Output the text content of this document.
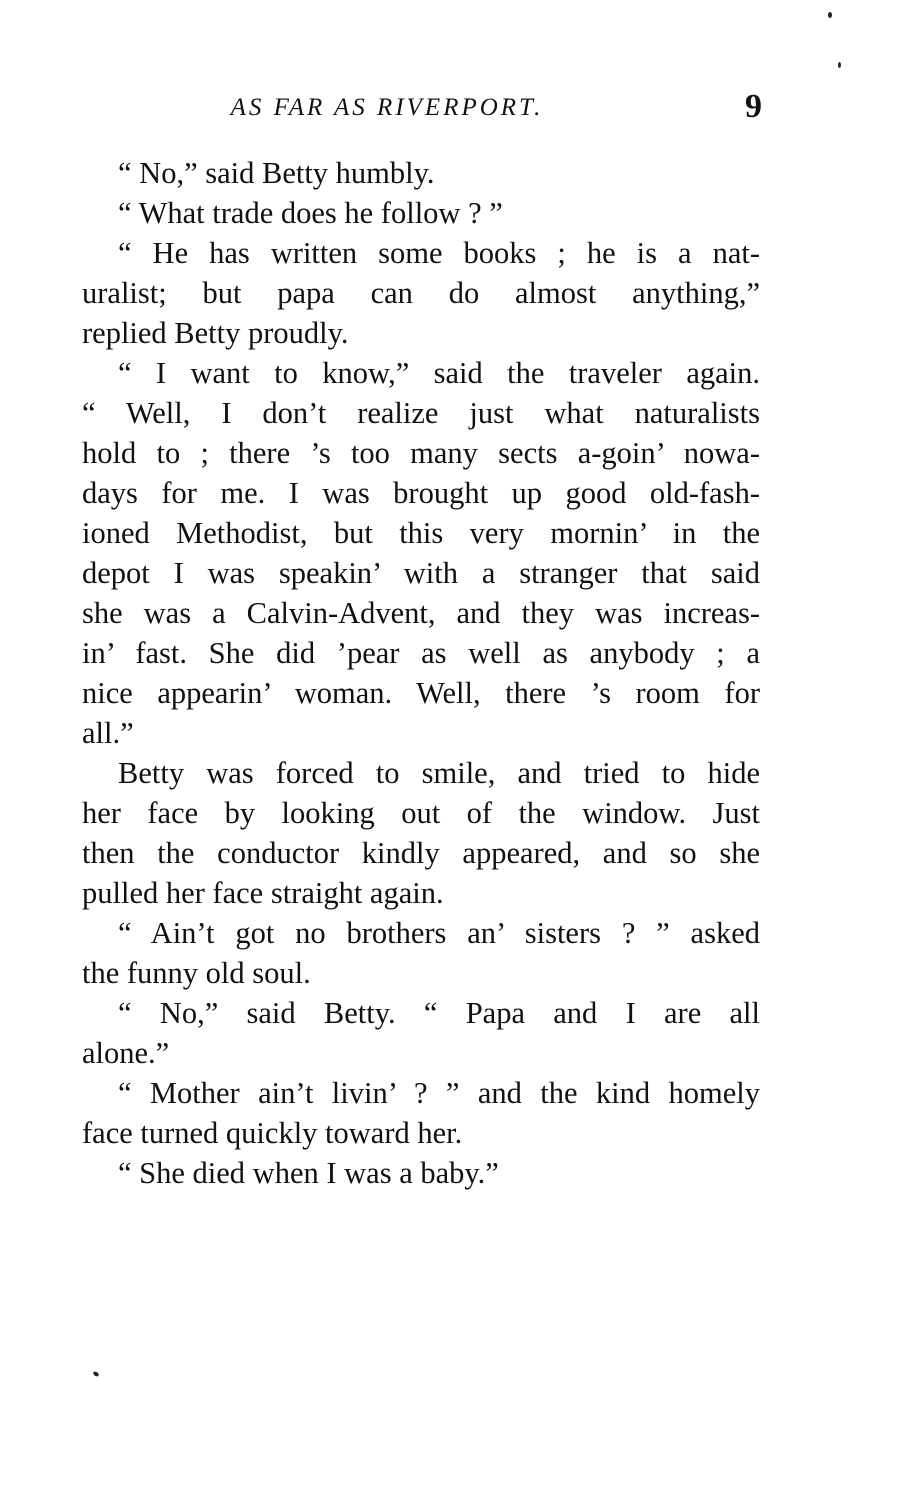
AS FAR AS RIVERPORT.	9
“ No,” said Betty humbly.
“ What trade does he follow ? ”
“ He has written some books ; he is a nat-
uralist; but papa can do almost anything,”
replied Betty proudly.
“ I want to know,” said the traveler again.
“ Well, I don’t realize just what naturalists
hold to ; there ’s too many sects a-goin’ nowa-
days for me. I was brought up good old-fash-
ioned Methodist, but this very mornin’ in the
depot I was speakin’ with a stranger that said
she was a Calvin-Advent, and they was increas-
in’ fast. She did ’pear as well as anybody ; a
nice appearin’ woman. Well, there ’s room for
all.”
Betty was forced to smile, and tried to hide
her face by looking out of the window. Just
then the conductor kindly appeared, and so she
pulled her face straight again.
“ Ain’t got no brothers an’ sisters ? ” asked
the funny old soul.
“ No,” said Betty. “ Papa and I are all
alone.”
“ Mother ain’t livin’ ? ” and the kind homely
face turned quickly toward her.
“ She died when I was a baby.”
